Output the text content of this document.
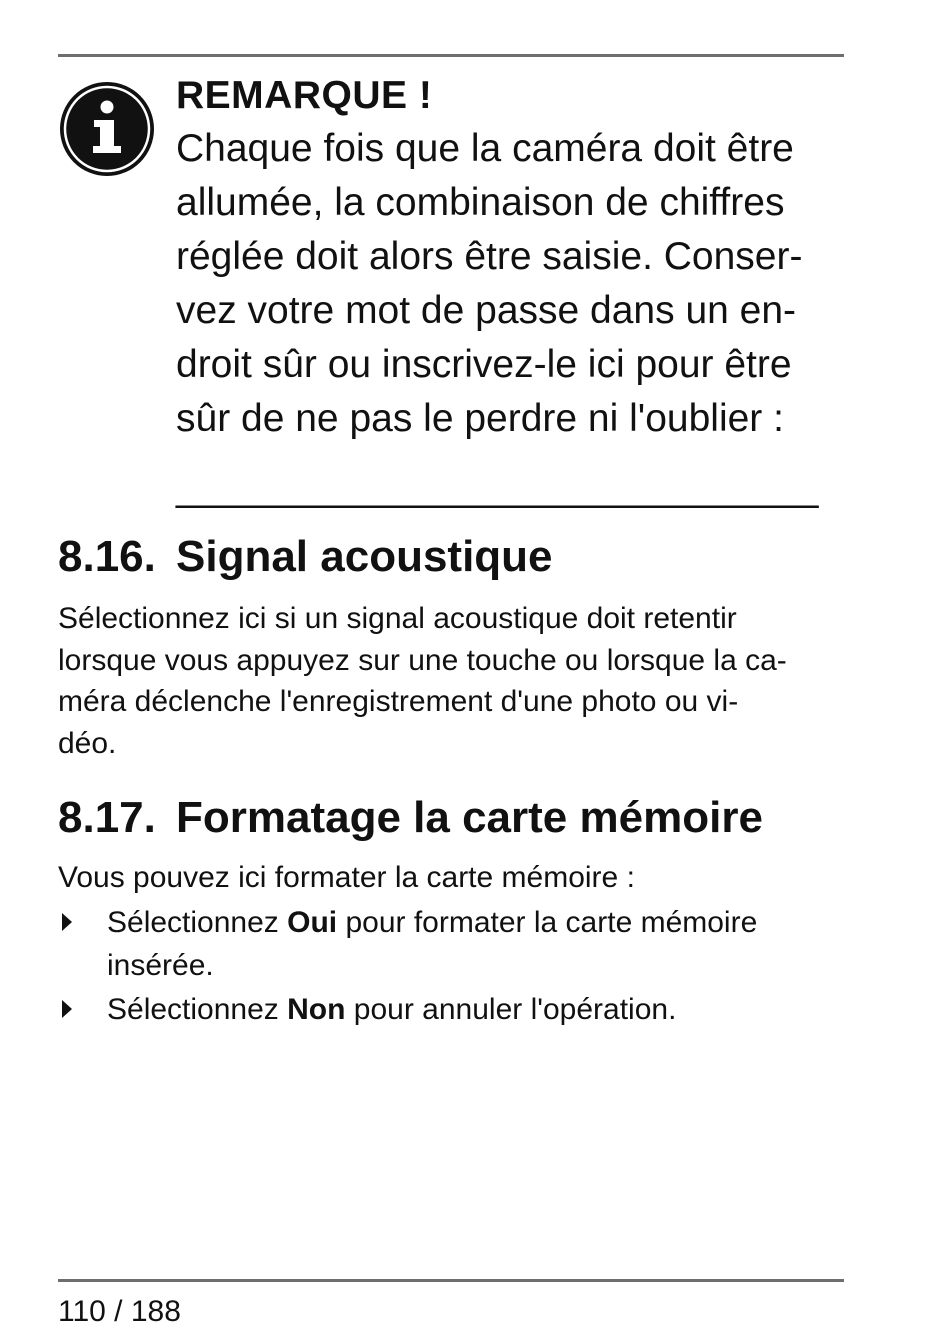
REMARQUE !

Chaque fois que la caméra doit être

allumée, la combinaison de chiffres

réglée doit alors être saisie. Conser-

vez votre mot de passe dans un en-

droit sûr ou inscrivez-le ici pour être

sûr de ne pas le perdre ni l'oublier :

_______________________________
8.16. Signal acoustique

Sélectionnez ici si un signal acoustique doit retentir

lorsque vous appuyez sur une touche ou lorsque la ca-

méra déclenche l'enregistrement d'une photo ou vi-

déo.

8.17. Formatage la carte mémoire

Vous pouvez ici formater la carte mémoire :

Sélectionnez Oui pour formater la carte mémoire

insérée.

Sélectionnez Non pour annuler l'opération.

110 / 188
